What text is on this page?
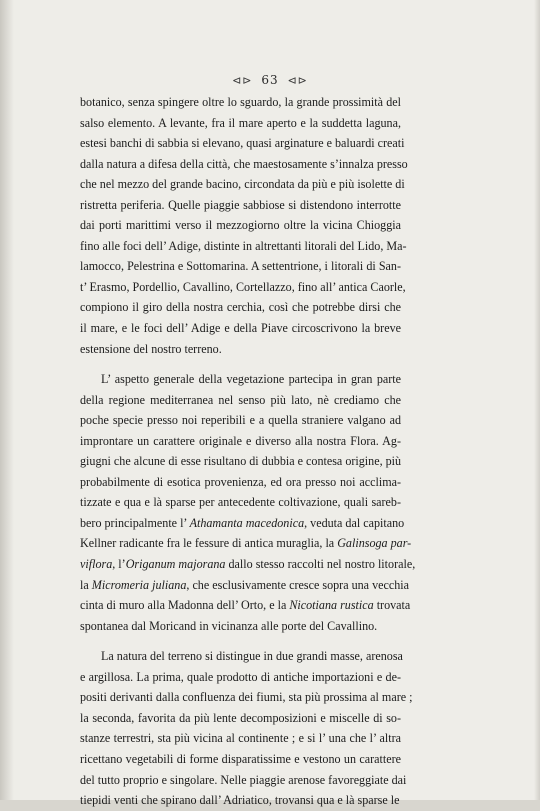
⊲⊳ 63 ⊲⊳
botanico, senza spingere oltre lo sguardo, la grande prossimità del
salso elemento. A levante, fra il mare aperto e la suddetta laguna,
estesi banchi di sabbia si elevano, quasi arginature e baluardi creati
dalla natura a difesa della città, che maestosamente s’innalza presso
che nel mezzo del grande bacino, circondata da più e più isolette di
ristretta periferia. Quelle piaggie sabbiose si distendono interrotte
dai porti marittimi verso il mezzogiorno oltre la vicina Chioggia
fino alle foci dell’ Adige, distinte in altrettanti litorali del Lido, Ma-
lamocco, Pelestrina e Sottomarina. A settentrione, i litorali di San-
t’ Erasmo, Pordellio, Cavallino, Cortellazzo, fino all’ antica Caorle,
compiono il giro della nostra cerchia, così che potrebbe dirsi che
il mare, e le foci dell’ Adige e della Piave circoscrivono la breve
estensione del nostro terreno.
L’ aspetto generale della vegetazione partecipa in gran parte
della regione mediterranea nel senso più lato, nè crediamo che
poche specie presso noi reperibili e a quella straniere valgano ad
improntare un carattere originale e diverso alla nostra Flora. Ag-
giugni che alcune di esse risultano di dubbia e contesa origine, più
probabilmente di esotica provenienza, ed ora presso noi acclima-
tizzate e qua e là sparse per antecedente coltivazione, quali sareb-
bero principalmente l’ Athamanta macedonica, veduta dal capitano
Kellner radicante fra le fessure di antica muraglia, la Galinsoga par-
viflora, l’Origanum majorana dallo stesso raccolti nel nostro litorale,
la Micromeria juliana, che esclusivamente cresce sopra una vecchia
cinta di muro alla Madonna dell’ Orto, e la Nicotiana rustica trovata
spontanea dal Moricand in vicinanza alle porte del Cavallino.
La natura del terreno si distingue in due grandi masse, arenosa
e argillosa. La prima, quale prodotto di antiche importazioni e de-
positi derivanti dalla confluenza dei fiumi, sta più prossima al mare ;
la seconda, favorita da più lente decomposizioni e miscelle di so-
stanze terrestri, sta più vicina al continente ; e si l’ una che l’ altra
ricettano vegetabili di forme disparatissime e vestono un carattere
del tutto proprio e singolare. Nelle piaggie arenose favoreggiate dai
tiepidi venti che spirano dall’ Adriatico, trovansi qua e là sparse le
